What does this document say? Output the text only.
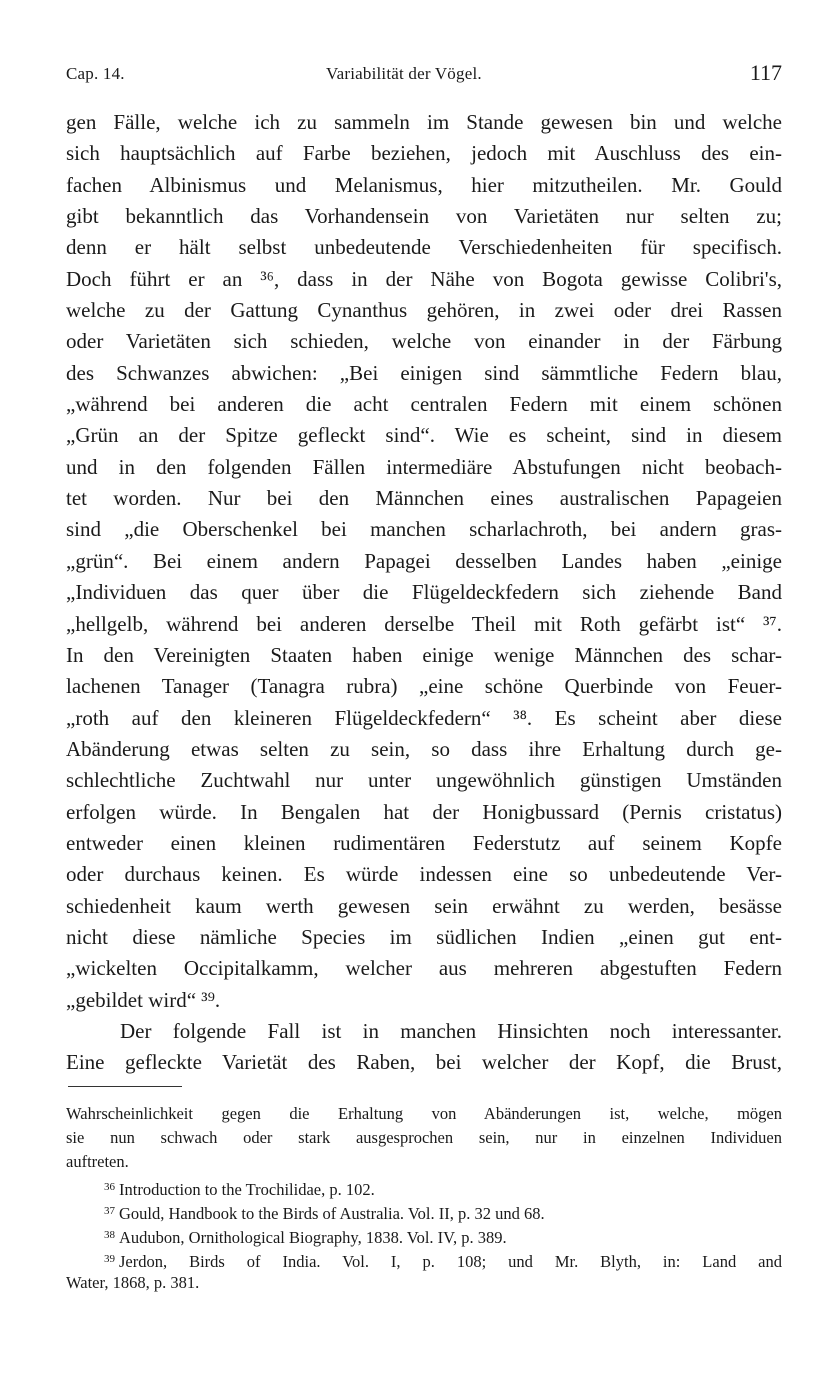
Cap. 14.	Variabilität der Vögel.	117
gen Fälle, welche ich zu sammeln im Stande gewesen bin und welche
sich hauptsächlich auf Farbe beziehen, jedoch mit Auschluss des ein-
fachen Albinismus und Melanismus, hier mitzutheilen. Mr. Gould
gibt bekanntlich das Vorhandensein von Varietäten nur selten zu;
denn er hält selbst unbedeutende Verschiedenheiten für specifisch.
Doch führt er an ³⁶, dass in der Nähe von Bogota gewisse Colibri's,
welche zu der Gattung Cynanthus gehören, in zwei oder drei Rassen
oder Varietäten sich schieden, welche von einander in der Färbung
des Schwanzes abwichen: „Bei einigen sind sämmtliche Federn blau,
„während bei anderen die acht centralen Federn mit einem schönen
„Grün an der Spitze gefleckt sind“. Wie es scheint, sind in diesem
und in den folgenden Fällen intermediäre Abstufungen nicht beobach-
tet worden. Nur bei den Männchen eines australischen Papageien
sind „die Oberschenkel bei manchen scharlachroth, bei andern gras-
„grün“. Bei einem andern Papagei desselben Landes haben „einige
„Individuen das quer über die Flügeldeckfedern sich ziehende Band
„hellgelb, während bei anderen derselbe Theil mit Roth gefärbt ist“ ³⁷.
In den Vereinigten Staaten haben einige wenige Männchen des schar-
lachenen Tanager (Tanagra rubra) „eine schöne Querbinde von Feuer-
„roth auf den kleineren Flügeldeckfedern“ ³⁸. Es scheint aber diese
Abänderung etwas selten zu sein, so dass ihre Erhaltung durch ge-
schlechtliche Zuchtwahl nur unter ungewöhnlich günstigen Umständen
erfolgen würde. In Bengalen hat der Honigbussard (Pernis cristatus)
entweder einen kleinen rudimentären Federstutz auf seinem Kopfe
oder durchaus keinen. Es würde indessen eine so unbedeutende Ver-
schiedenheit kaum werth gewesen sein erwähnt zu werden, besässe
nicht diese nämliche Species im südlichen Indien „einen gut ent-
„wickelten Occipitalkamm, welcher aus mehreren abgestuften Federn
„gebildet wird“ ³⁹.
Der folgende Fall ist in manchen Hinsichten noch interessanter.
Eine gefleckte Varietät des Raben, bei welcher der Kopf, die Brust,
Wahrscheinlichkeit gegen die Erhaltung von Abänderungen ist, welche, mögen
sie nun schwach oder stark ausgesprochen sein, nur in einzelnen Individuen
auftreten.
$^{36}$ Introduction to the Trochilidae, p. 102.
$^{37}$ Gould, Handbook to the Birds of Australia. Vol. II, p. 32 und 68.
$^{38}$ Audubon, Ornithological Biography, 1838. Vol. IV, p. 389.
$^{39}$ Jerdon, Birds of India. Vol. I, p. 108; und Mr. Blyth, in: Land and
Water, 1868, p. 381.
